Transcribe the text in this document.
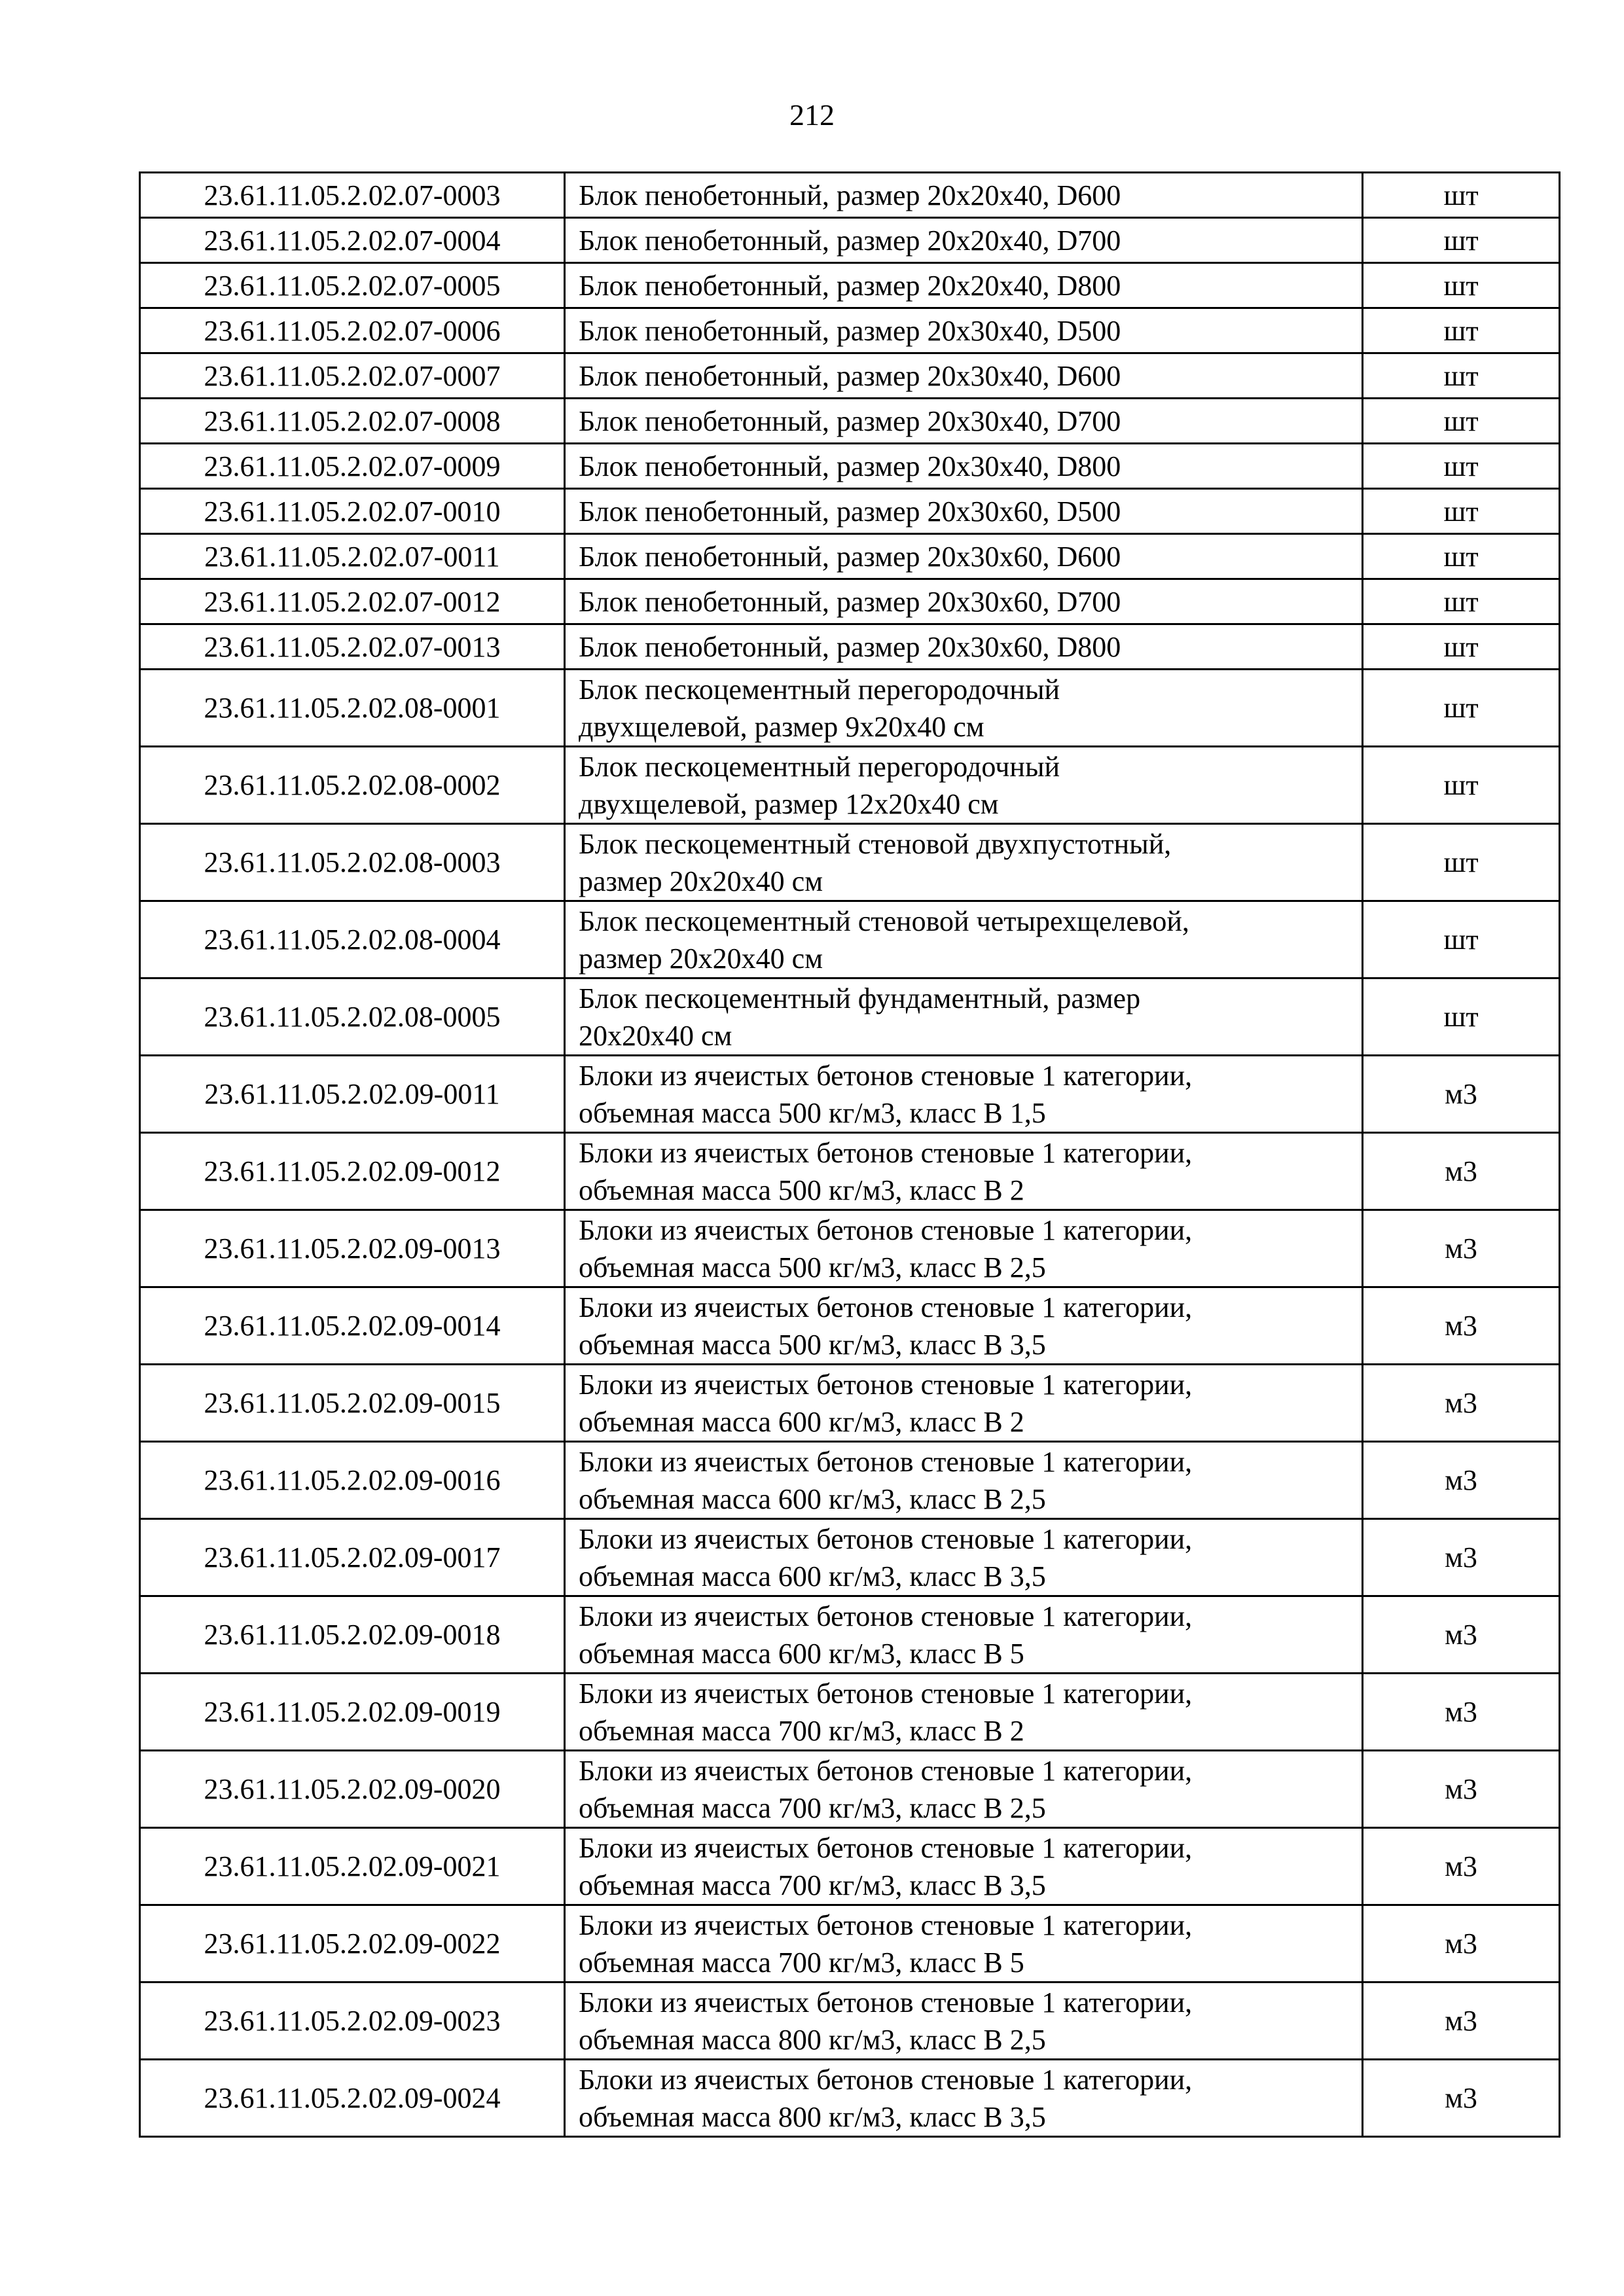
212
23.61.11.05.2.02.07-0003	Блок пенобетонный, размер 20х20х40, D600	шт
23.61.11.05.2.02.07-0004	Блок пенобетонный, размер 20х20х40, D700	шт
23.61.11.05.2.02.07-0005	Блок пенобетонный, размер 20х20х40, D800	шт
23.61.11.05.2.02.07-0006	Блок пенобетонный, размер 20х30х40, D500	шт
23.61.11.05.2.02.07-0007	Блок пенобетонный, размер 20х30х40, D600	шт
23.61.11.05.2.02.07-0008	Блок пенобетонный, размер 20х30х40, D700	шт
23.61.11.05.2.02.07-0009	Блок пенобетонный, размер 20х30х40, D800	шт
23.61.11.05.2.02.07-0010	Блок пенобетонный, размер 20х30х60, D500	шт
23.61.11.05.2.02.07-0011	Блок пенобетонный, размер 20х30х60, D600	шт
23.61.11.05.2.02.07-0012	Блок пенобетонный, размер 20х30х60, D700	шт
23.61.11.05.2.02.07-0013	Блок пенобетонный, размер 20х30х60, D800	шт
23.61.11.05.2.02.08-0001	Блок пескоцементный перегородочный
двухщелевой, размер 9х20х40 см	шт
23.61.11.05.2.02.08-0002	Блок пескоцементный перегородочный
двухщелевой, размер 12х20х40 см	шт
23.61.11.05.2.02.08-0003	Блок пескоцементный стеновой двухпустотный,
размер 20х20х40 см	шт
23.61.11.05.2.02.08-0004	Блок пескоцементный стеновой четырехщелевой,
размер 20х20х40 см	шт
23.61.11.05.2.02.08-0005	Блок пескоцементный фундаментный, размер
20х20х40 см	шт
23.61.11.05.2.02.09-0011	Блоки из ячеистых бетонов стеновые 1 категории,
объемная масса 500 кг/м3, класс В 1,5	м3
23.61.11.05.2.02.09-0012	Блоки из ячеистых бетонов стеновые 1 категории,
объемная масса 500 кг/м3, класс В 2	м3
23.61.11.05.2.02.09-0013	Блоки из ячеистых бетонов стеновые 1 категории,
объемная масса 500 кг/м3, класс В 2,5	м3
23.61.11.05.2.02.09-0014	Блоки из ячеистых бетонов стеновые 1 категории,
объемная масса 500 кг/м3, класс В 3,5	м3
23.61.11.05.2.02.09-0015	Блоки из ячеистых бетонов стеновые 1 категории,
объемная масса 600 кг/м3, класс В 2	м3
23.61.11.05.2.02.09-0016	Блоки из ячеистых бетонов стеновые 1 категории,
объемная масса 600 кг/м3, класс В 2,5	м3
23.61.11.05.2.02.09-0017	Блоки из ячеистых бетонов стеновые 1 категории,
объемная масса 600 кг/м3, класс В 3,5	м3
23.61.11.05.2.02.09-0018	Блоки из ячеистых бетонов стеновые 1 категории,
объемная масса 600 кг/м3, класс В 5	м3
23.61.11.05.2.02.09-0019	Блоки из ячеистых бетонов стеновые 1 категории,
объемная масса 700 кг/м3, класс В 2	м3
23.61.11.05.2.02.09-0020	Блоки из ячеистых бетонов стеновые 1 категории,
объемная масса 700 кг/м3, класс В 2,5	м3
23.61.11.05.2.02.09-0021	Блоки из ячеистых бетонов стеновые 1 категории,
объемная масса 700 кг/м3, класс В 3,5	м3
23.61.11.05.2.02.09-0022	Блоки из ячеистых бетонов стеновые 1 категории,
объемная масса 700 кг/м3, класс В 5	м3
23.61.11.05.2.02.09-0023	Блоки из ячеистых бетонов стеновые 1 категории,
объемная масса 800 кг/м3, класс В 2,5	м3
23.61.11.05.2.02.09-0024	Блоки из ячеистых бетонов стеновые 1 категории,
объемная масса 800 кг/м3, класс В 3,5	м3
